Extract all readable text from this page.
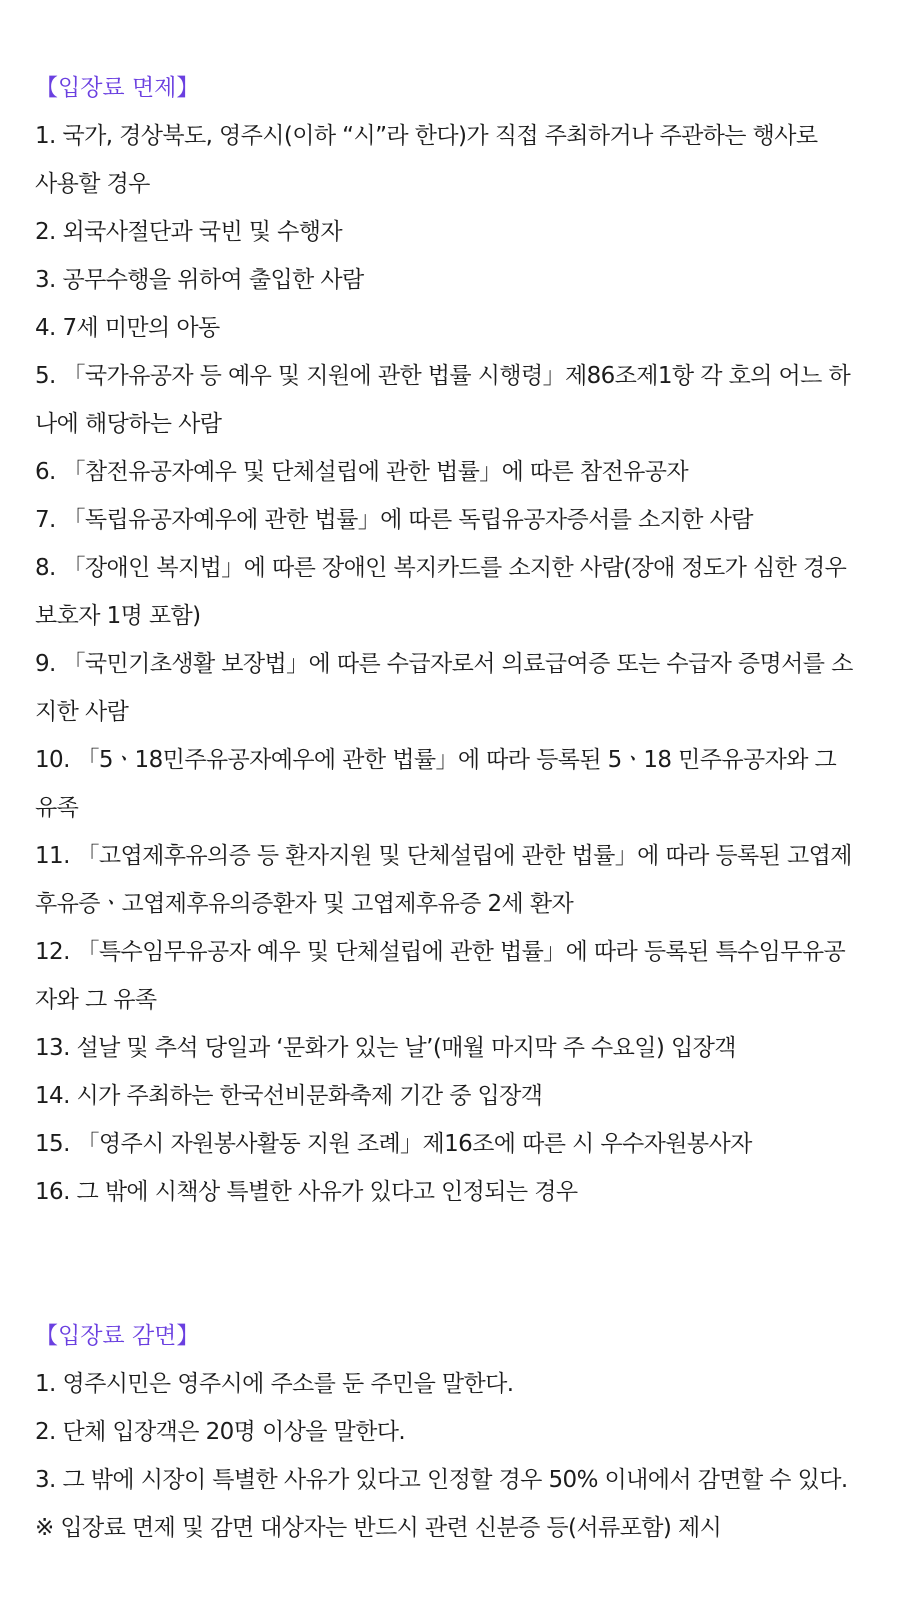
【입장료 면제】

1. 국가, 경상북도, 영주시(이하 “시”라 한다)가 직접 주최하거나 주관하는 행사로

사용할 경우

2. 외국사절단과 국빈 및 수행자

3. 공무수행을 위하여 출입한 사람

4. 7세 미만의 아동

5. 「국가유공자 등 예우 및 지원에 관한 법률 시행령」제86조제1항 각 호의 어느 하

나에 해당하는 사람

6. 「참전유공자예우 및 단체설립에 관한 법률」에 따른 참전유공자

7. 「독립유공자예우에 관한 법률」에 따른 독립유공자증서를 소지한 사람

8. 「장애인 복지법」에 따른 장애인 복지카드를 소지한 사람(장애 정도가 심한 경우

보호자 1명 포함)

9. 「국민기초생활 보장법」에 따른 수급자로서 의료급여증 또는 수급자 증명서를 소

지한 사람

10. 「5ㆍ18민주유공자예우에 관한 법률」에 따라 등록된 5ㆍ18 민주유공자와 그

유족

11. 「고엽제후유의증 등 환자지원 및 단체설립에 관한 법률」에 따라 등록된 고엽제

후유증ㆍ고엽제후유의증환자 및 고엽제후유증 2세 환자

12. 「특수임무유공자 예우 및 단체설립에 관한 법률」에 따라 등록된 특수임무유공

자와 그 유족

13. 설날 및 추석 당일과 ‘문화가 있는 날’(매월 마지막 주 수요일) 입장객

14. 시가 주최하는 한국선비문화축제 기간 중 입장객

15. 「영주시 자원봉사활동 지원 조례」제16조에 따른 시 우수자원봉사자

16. 그 밖에 시책상 특별한 사유가 있다고 인정되는 경우

【입장료 감면】

1. 영주시민은 영주시에 주소를 둔 주민을 말한다.

2. 단체 입장객은 20명 이상을 말한다.

3. 그 밖에 시장이 특별한 사유가 있다고 인정할 경우 50% 이내에서 감면할 수 있다.

※ 입장료 면제 및 감면 대상자는 반드시 관련 신분증 등(서류포함) 제시
